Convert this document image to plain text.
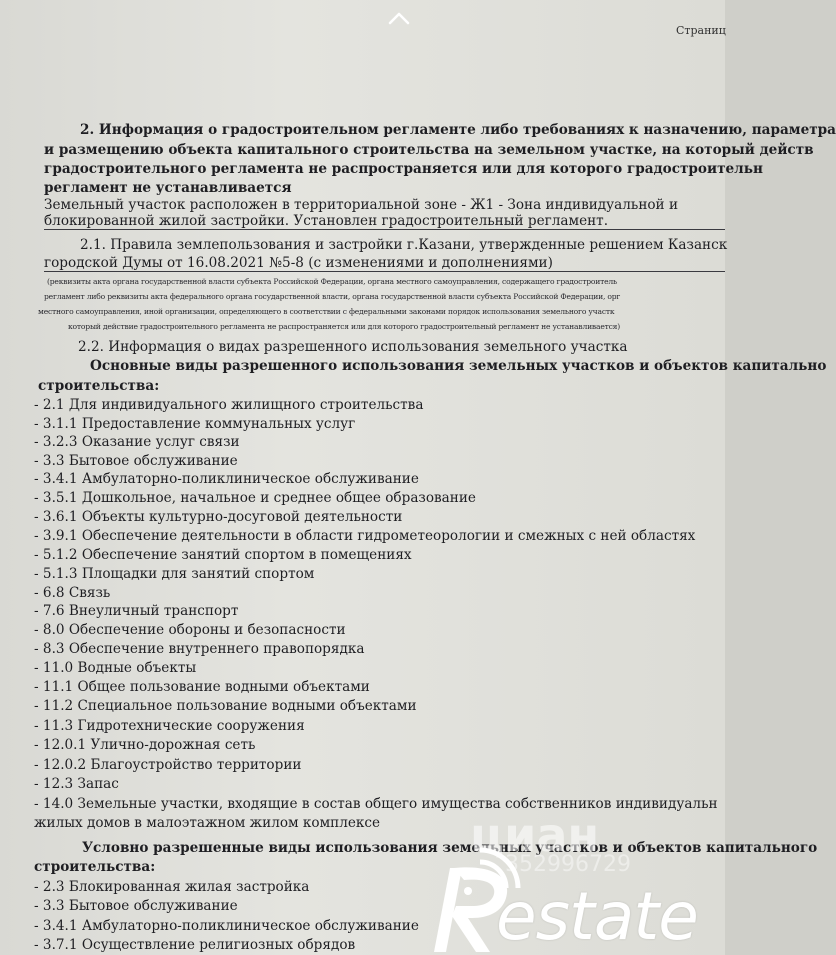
Страниц
2. Информация о градостроительном регламенте либо требованиях к назначению, параметра
и размещению объекта капитального строительства на земельном участке, на который действ
градостроительного регламента не распространяется или для которого градостроительн
регламент не устанавливается
Земельный участок расположен в территориальной зоне - Ж1 - Зона индивидуальной и
блокированной жилой застройки. Установлен градостроительный регламент.
2.1. Правила землепользования и застройки г.Казани, утвержденные решением Казанск
городской Думы от 16.08.2021 №5-8 (с изменениями и дополнениями)
(реквизиты акта органа государственной власти субъекта Российской Федерации, органа местного самоуправления, содержащего градостроитель
регламент либо реквизиты акта федерального органа государственной власти, органа государственной власти субъекта Российской Федерации, орг
местного самоуправления, иной организации, определяющего в соответствии с федеральными законами порядок использования земельного участк
который действие градостроительного регламента не распространяется или для которого градостроительный регламент не устанавливается)
2.2. Информация о видах разрешенного использования земельного участка
Основные виды разрешенного использования земельных участков и объектов капитально
строительства:
- 2.1 Для индивидуального жилищного строительства
- 3.1.1 Предоставление коммунальных услуг
- 3.2.3 Оказание услуг связи
- 3.3 Бытовое обслуживание
- 3.4.1 Амбулаторно-поликлиническое обслуживание
- 3.5.1 Дошкольное, начальное и среднее общее образование
- 3.6.1 Объекты культурно-досуговой деятельности
- 3.9.1 Обеспечение деятельности в области гидрометеорологии и смежных с ней областях
- 5.1.2 Обеспечение занятий спортом в помещениях
- 5.1.3 Площадки для занятий спортом
- 6.8 Связь
- 7.6 Внеуличный транспорт
- 8.0 Обеспечение обороны и безопасности
- 8.3 Обеспечение внутреннего правопорядка
- 11.0 Водные объекты
- 11.1 Общее пользование водными объектами
- 11.2 Специальное пользование водными объектами
- 11.3 Гидротехнические сооружения
- 12.0.1 Улично-дорожная сеть
- 12.0.2 Благоустройство территории
- 12.3 Запас
- 14.0 Земельные участки, входящие в состав общего имущества собственников индивидуальн
жилых домов в малоэтажном жилом комплексе
Условно разрешенные виды использования земельных участков и объектов капитального
строительства:
- 2.3 Блокированная жилая застройка
- 3.3 Бытовое обслуживание
- 3.4.1 Амбулаторно-поликлиническое обслуживание
- 3.7.1 Осуществление религиозных обрядов
циан
352996729
estate
